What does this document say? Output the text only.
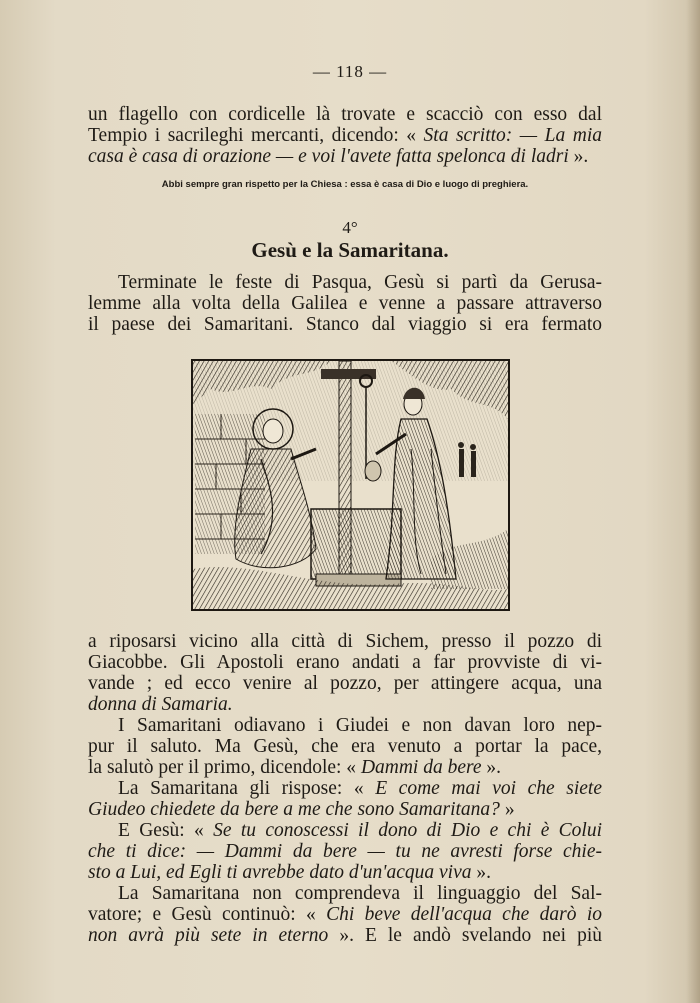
— 118 —
un flagello con cordicelle là trovate e scacciò con esso dal
Tempio i sacrileghi mercanti, dicendo: « Sta scritto: — La mia
casa è casa di orazione — e voi l'avete fatta spelonca di ladri ».
Abbi sempre gran rispetto per la Chiesa : essa è casa di Dio e luogo di preghiera.
4°
Gesù e la Samaritana.
Terminate le feste di Pasqua, Gesù si partì da Gerusa-
lemme alla volta della Galilea e venne a passare attraverso
il paese dei Samaritani. Stanco dal viaggio si era fermato
a riposarsi vicino alla città di Sichem, presso il pozzo di
Giacobbe. Gli Apostoli erano andati a far provviste di vi-
vande ; ed ecco venire al pozzo, per attingere acqua, una
donna di Samaria.
I Samaritani odiavano i Giudei e non davan loro nep-
pur il saluto. Ma Gesù, che era venuto a portar la pace,
la salutò per il primo, dicendole: « Dammi da bere ».
La Samaritana gli rispose: « E come mai voi che siete
Giudeo chiedete da bere a me che sono Samaritana? »
E Gesù: « Se tu conoscessi il dono di Dio e chi è Colui
che ti dice: — Dammi da bere — tu ne avresti forse chie-
sto a Lui, ed Egli ti avrebbe dato d'un'acqua viva ».
La Samaritana non comprendeva il linguaggio del Sal-
vatore; e Gesù continuò: « Chi beve dell'acqua che darò io
non avrà più sete in eterno ». E le andò svelando nei più
